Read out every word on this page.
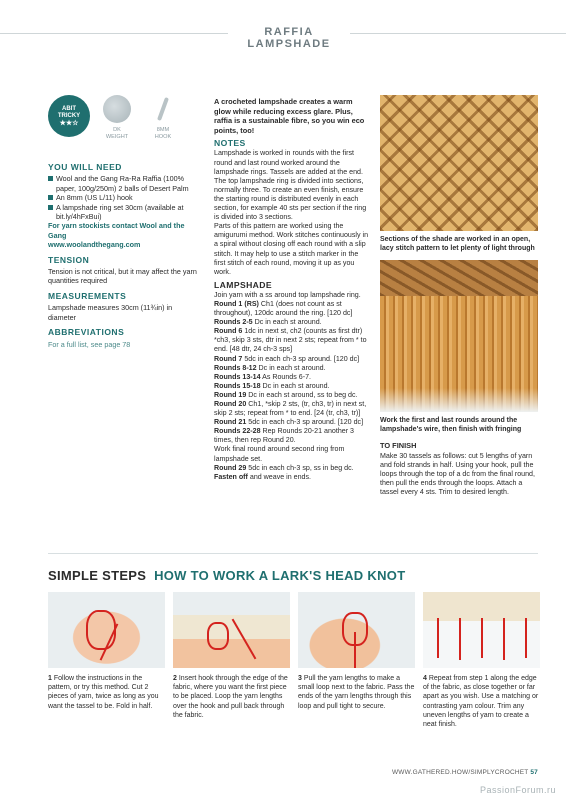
RAFFIA LAMPSHADE
ABIT
TRICKY
★★☆
DK
WEIGHT
8MM
HOOK
YOU WILL NEED
Wool and the Gang Ra-Ra Raffia (100% paper, 100g/250m) 2 balls of Desert Palm
An 8mm (US L/11) hook
A lampshade ring set 30cm (available at bit.ly/4hFxBui)
For yarn stockists contact Wool and the Gang
www.woolandthegang.com
TENSION
Tension is not critical, but it may affect the yarn quantities required
MEASUREMENTS
Lampshade measures 30cm (11¾in) in diameter
ABBREVIATIONS
For a full list, see page 78

A crocheted lampshade creates a warm glow while reducing excess glare. Plus, raffia is a sustainable fibre, so you win eco points, too!

NOTES

Lampshade is worked in rounds with the first round and last round worked around the lampshade rings. Tassels are added at the end. The top lampshade ring is divided into sections, normally three. To create an even finish, ensure the starting round is distributed evenly in each section, for example 40 sts per section if the ring is divided into 3 sections.

Parts of this pattern are worked using the amigurumi method. Work stitches continuously in a spiral without closing off each round with a slip stitch. It may help to use a stitch marker in the first stitch of each round, moving it up as you work.

LAMPSHADE

Join yarn with a ss around top lampshade ring.

Round 1 (RS) Ch1 (does not count as st throughout), 120dc around the ring. [120 dc]

Rounds 2-5 Dc in each st around.

Round 6 1dc in next st, ch2 (counts as first dtr) *ch3, skip 3 sts, dtr in next 2 sts; repeat from * to end. [48 dtr, 24 ch-3 sps]

Round 7 5dc in each ch-3 sp around. [120 dc]

Rounds 8-12 Dc in each st around.

Rounds 13-14 As Rounds 6-7.

Rounds 15-18 Dc in each st around.

Round 19 Dc in each st around, ss to beg dc.

Round 20 Ch1, *skip 2 sts, (tr, ch3, tr) in next st, skip 2 sts; repeat from * to end. [24 (tr, ch3, tr)]

Round 21 5dc in each ch-3 sp around. [120 dc]

Rounds 22-28 Rep Rounds 20-21 another 3 times, then rep Round 20.

Work final round around second ring from lampshade set.

Round 29 5dc in each ch-3 sp, ss in beg dc.

Fasten off and weave in ends.

Sections of the shade are worked in an open, lacy stitch pattern to let plenty of light through

Work the first and last rounds around the lampshade's wire, then finish with fringing

TO FINISH
Make 30 tassels as follows: cut 5 lengths of yarn and fold strands in half. Using your hook, pull the loops through the top of a dc from the final round, then pull the ends through the loops. Attach a tassel every 4 sts. Trim to desired length.
SIMPLE STEPS HOW TO WORK A LARK'S HEAD KNOT

1 Follow the instructions in the pattern, or try this method. Cut 2 pieces of yarn, twice as long as you want the tassel to be. Fold in half.

2 Insert hook through the edge of the fabric, where you want the first piece to be placed. Loop the yarn lengths over the hook and pull back through the fabric.

3 Pull the yarn lengths to make a small loop next to the fabric. Pass the ends of the yarn lengths through this loop and pull tight to secure.

4 Repeat from step 1 along the edge of the fabric, as close together or far apart as you wish. Use a matching or contrasting yarn colour. Trim any uneven lengths of yarn to create a neat finish.

WWW.GATHERED.HOW/SIMPLYCROCHET 57
PassionForum.ru
